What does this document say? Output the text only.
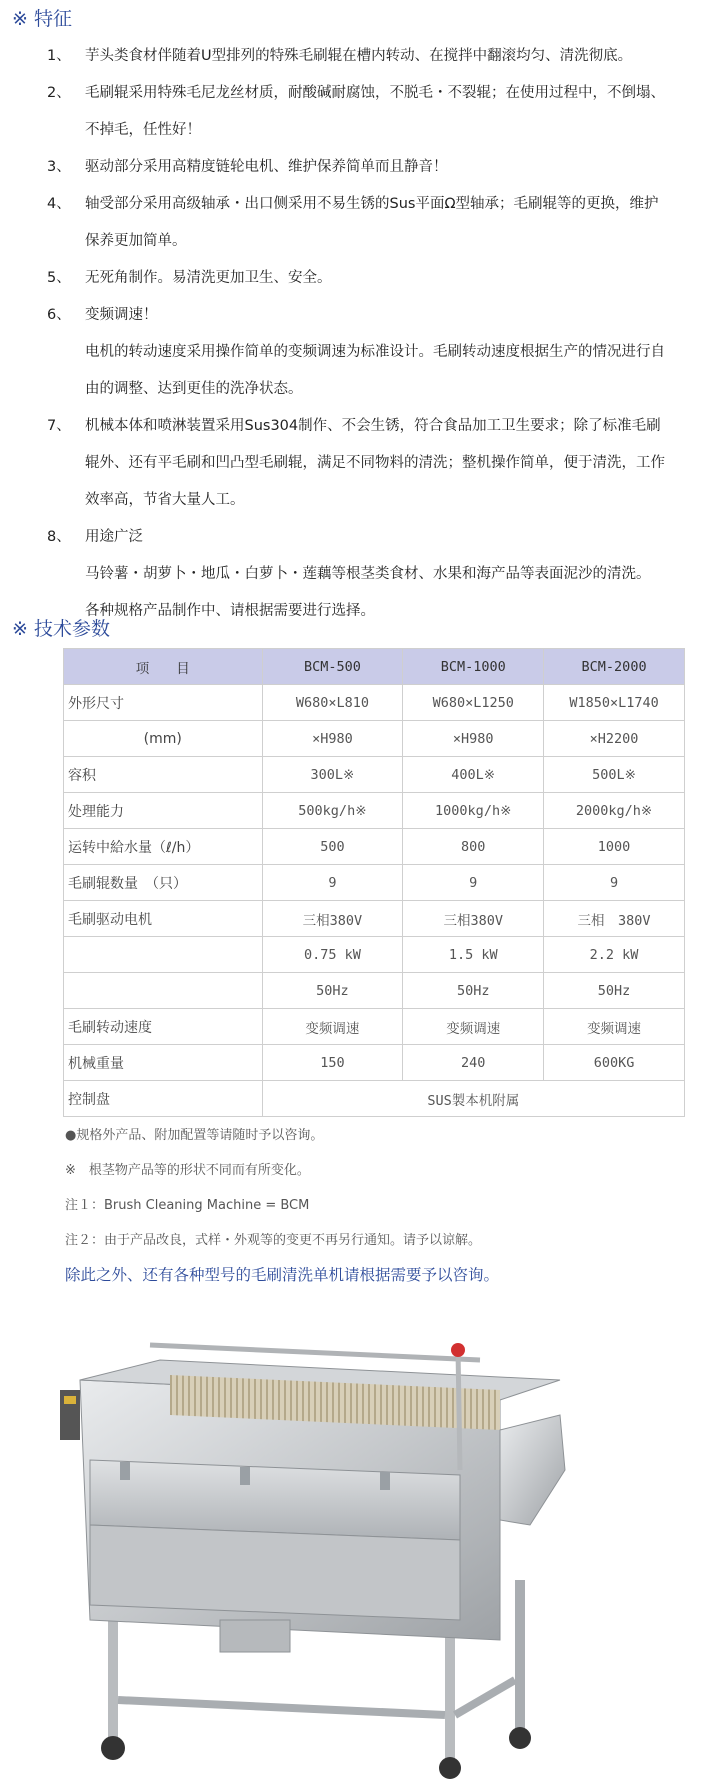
※ 特征
1、 芋头类食材伴随着U型排列的特殊毛刷辊在槽内转动、在搅拌中翻滚均匀、清洗彻底。
2、 毛刷辊采用特殊毛尼龙丝材质，耐酸碱耐腐蚀，不脱毛・不裂辊；在使用过程中，不倒塌、
不掉毛，任性好！
3、 驱动部分采用高精度链轮电机、维护保养简单而且静音！
4、 轴受部分采用高级轴承・出口侧采用不易生锈的Sus平面Ω型轴承；毛刷辊等的更换，维护
保养更加简单。
5、 无死角制作。易清洗更加卫生、安全。
6、 变频调速！
电机的转动速度采用操作简单的变频调速为标准设计。毛刷转动速度根据生产的情况进行自
由的调整、达到更佳的洗净状态。
7、 机械本体和喷淋装置采用Sus304制作、不会生锈，符合食品加工卫生要求；除了标准毛刷
辊外、还有平毛刷和凹凸型毛刷辊，满足不同物料的清洗；整机操作简单，便于清洗，工作
效率高，节省大量人工。
8、 用途广泛
马铃薯・胡萝卜・地瓜・白萝卜・莲藕等根茎类食材、水果和海产品等表面泥沙的清洗。
各种规格产品制作中、请根据需要进行选择。
※ 技术参数
项　　目	BCM-500	BCM-1000	BCM-2000
外形尺寸	W680×L810	W680×L1250	W1850×L1740
(mm)	×H980	×H980	×H2200
容积	300L※	400L※	500L※
处理能力	500kg/h※	1000kg/h※	2000kg/h※
运转中給水量（ℓ/h）	500	800	1000
毛刷辊数量　（只）	9	9	9
毛刷驱动电机	三相380V	三相380V	三相　380V
	0.75 kW	1.5 kW	2.2 kW
	50Hz	50Hz	50Hz
毛刷转动速度	变频调速	变频调速	变频调速
机械重量	150	240	600KG
控制盘	SUS製本机附属		
●规格外产品、附加配置等请随时予以咨询。
※　根茎物产品等的形状不同而有所变化。
注１：Brush Cleaning Machine = BCM
注２：由于产品改良，式样・外观等的变更不再另行通知。请予以谅解。
除此之外、还有各种型号的毛刷清洗单机请根据需要予以咨询。
